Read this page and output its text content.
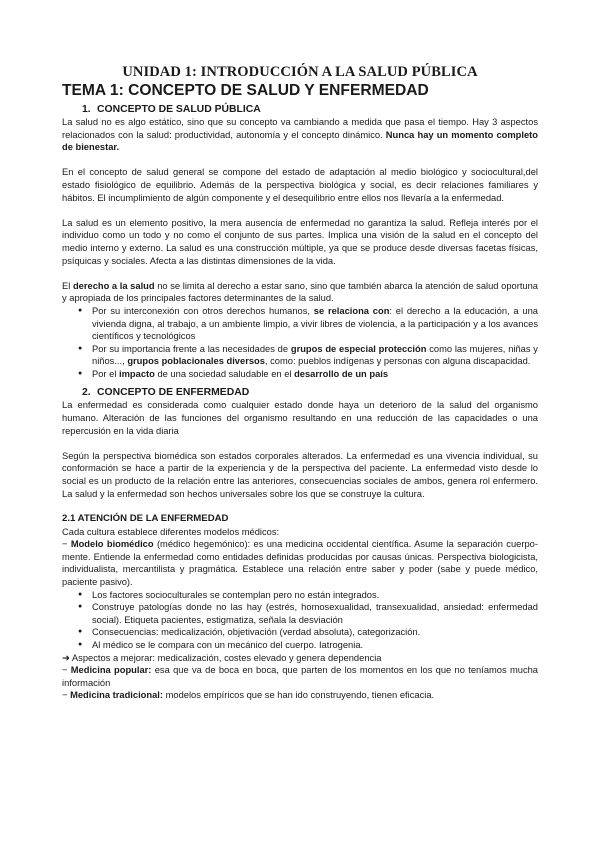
UNIDAD 1: INTRODUCCIÓN A LA SALUD PÚBLICA
TEMA 1: CONCEPTO DE SALUD Y ENFERMEDAD
1. CONCEPTO DE SALUD PÚBLICA

La salud no es algo estático, sino que su concepto va cambiando a medida que pasa el tiempo. Hay 3 aspectos relacionados con la salud: productividad, autonomía y el concepto dinámico. Nunca hay un momento completo de bienestar.

En el concepto de salud general se compone del estado de adaptación al medio biológico y sociocultural,del estado fisiológico de equilibrio. Además de la perspectiva biológica y social, es decir relaciones familiares y hábitos. El incumplimiento de algún componente y el desequilibrio entre ellos nos llevaría a la enfermedad.

La salud es un elemento positivo, la mera ausencia de enfermedad no garantiza la salud. Refleja interés por el individuo como un todo y no como el conjunto de sus partes. Implica una visión de la salud en el concepto del medio interno y externo. La salud es una construcción múltiple, ya que se produce desde diversas facetas físicas, psíquicas y sociales. Afecta a las distintas dimensiones de la vida.

El derecho a la salud no se limita al derecho a estar sano, sino que también abarca la atención de salud oportuna y apropiada de los principales factores determinantes de la salud.

● Por su interconexión con otros derechos humanos, se relaciona con: el derecho a la educación, a una vivienda digna, al trabajo, a un ambiente limpio, a vivir libres de violencia, a la participación y a los avances científicos y tecnológicos
● Por su importancia frente a las necesidades de grupos de especial protección como las mujeres, niñas y niños..., grupos poblacionales diversos, como: pueblos indígenas y personas con alguna discapacidad.
● Por el impacto de una sociedad saludable en el desarrollo de un país
2. CONCEPTO DE ENFERMEDAD

La enfermedad es considerada como cualquier estado donde haya un deterioro de la salud del organismo humano. Alteración de las funciones del organismo resultando en una reducción de las capacidades o una repercusión en la vida diaria

Según la perspectiva biomédica son estados corporales alterados. La enfermedad es una vivencia individual, su conformación se hace a partir de la experiencia y de la perspectiva del paciente. La enfermedad visto desde lo social es un producto de la relación entre las anteriores, consecuencias sociales de ambos, genera rol enfermero. La salud y la enfermedad son hechos universales sobre los que se construye la cultura.

2.1 ATENCIÓN DE LA ENFERMEDAD

Cada cultura establece diferentes modelos médicos:

− Modelo biomédico (médico hegemónico): es una medicina occidental científica. Asume la separación cuerpo-mente. Entiende la enfermedad como entidades definidas producidas por causas únicas. Perspectiva biologicista, individualista, mercantilista y pragmática. Establece una relación entre saber y poder (sabe y puede médico, paciente pasivo).

● Los factores socioculturales se contemplan pero no están integrados.
● Construye patologías donde no las hay (estrés, homosexualidad, transexualidad, ansiedad: enfermedad social). Etiqueta pacientes, estigmatiza, señala la desviación
● Consecuencias: medicalización, objetivación (verdad absoluta), categorización.
● Al médico se le compara con un mecánico del cuerpo. Iatrogenia.

➜ Aspectos a mejorar: medicalización, costes elevado y genera dependencia

− Medicina popular: esa que va de boca en boca, que parten de los momentos en los que no teníamos mucha información

− Medicina tradicional: modelos empíricos que se han ido construyendo, tienen eficacia.
